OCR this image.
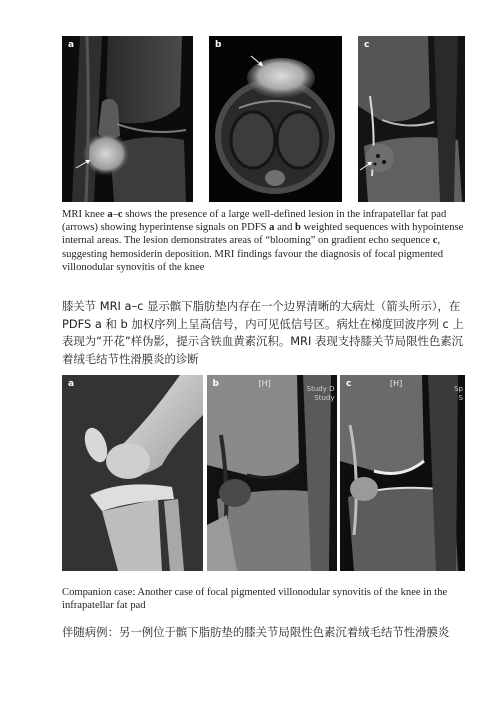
a	b	c
MRI knee a–c shows the presence of a large well-defined lesion in the infrapatellar fat pad (arrows) showing hyperintense signals on PDFS a and b weighted sequences with hypointense internal areas. The lesion demonstrates areas of “blooming” on gradient echo sequence c, suggesting hemosiderin deposition. MRI findings favour the diagnosis of focal pigmented villonodular synovitis of the knee
膝关节 MRI a–c 显示髌下脂肪垫内存在一个边界清晰的大病灶（箭头所示），在 PDFS a 和 b 加权序列上呈高信号，内可见低信号区。病灶在梯度回波序列 c 上表现为“开花”样伪影，提示含铁血黄素沉积。MRI 表现支持膝关节局限性色素沉着绒毛结节性滑膜炎的诊断
a	b	[H]
Study D
Study
c	[H]
Sp
S
Companion case: Another case of focal pigmented villonodular synovitis of the knee in the infrapatellar fat pad
伴随病例：另一例位于髌下脂肪垫的膝关节局限性色素沉着绒毛结节性滑膜炎
